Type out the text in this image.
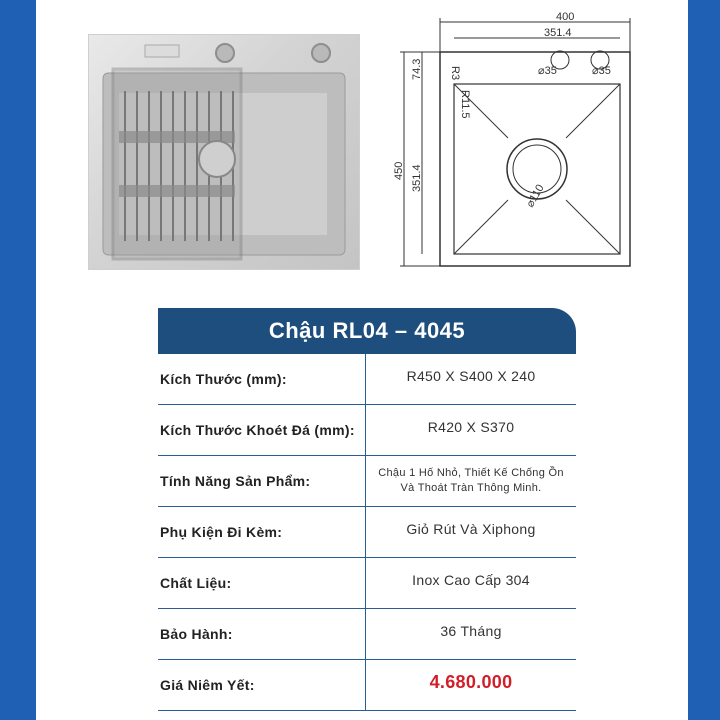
400
351.4
450 351.4
74.3 R3
R11.5
⌀35	⌀35
⌀110
Chậu RL04 – 4045
Kích Thước (mm):	R450 X S400 X 240
Kích Thước Khoét Đá (mm):	R420 X S370
Tính Năng Sản Phẩm:	Chậu 1 Hố Nhỏ, Thiết Kế Chống Ồn
Và Thoát Tràn Thông Minh.
Phụ Kiện Đi Kèm:	Giỏ Rút Và Xiphong
Chất Liệu:	Inox Cao Cấp 304
Bảo Hành:	36 Tháng
Giá Niêm Yết:	4.680.000
